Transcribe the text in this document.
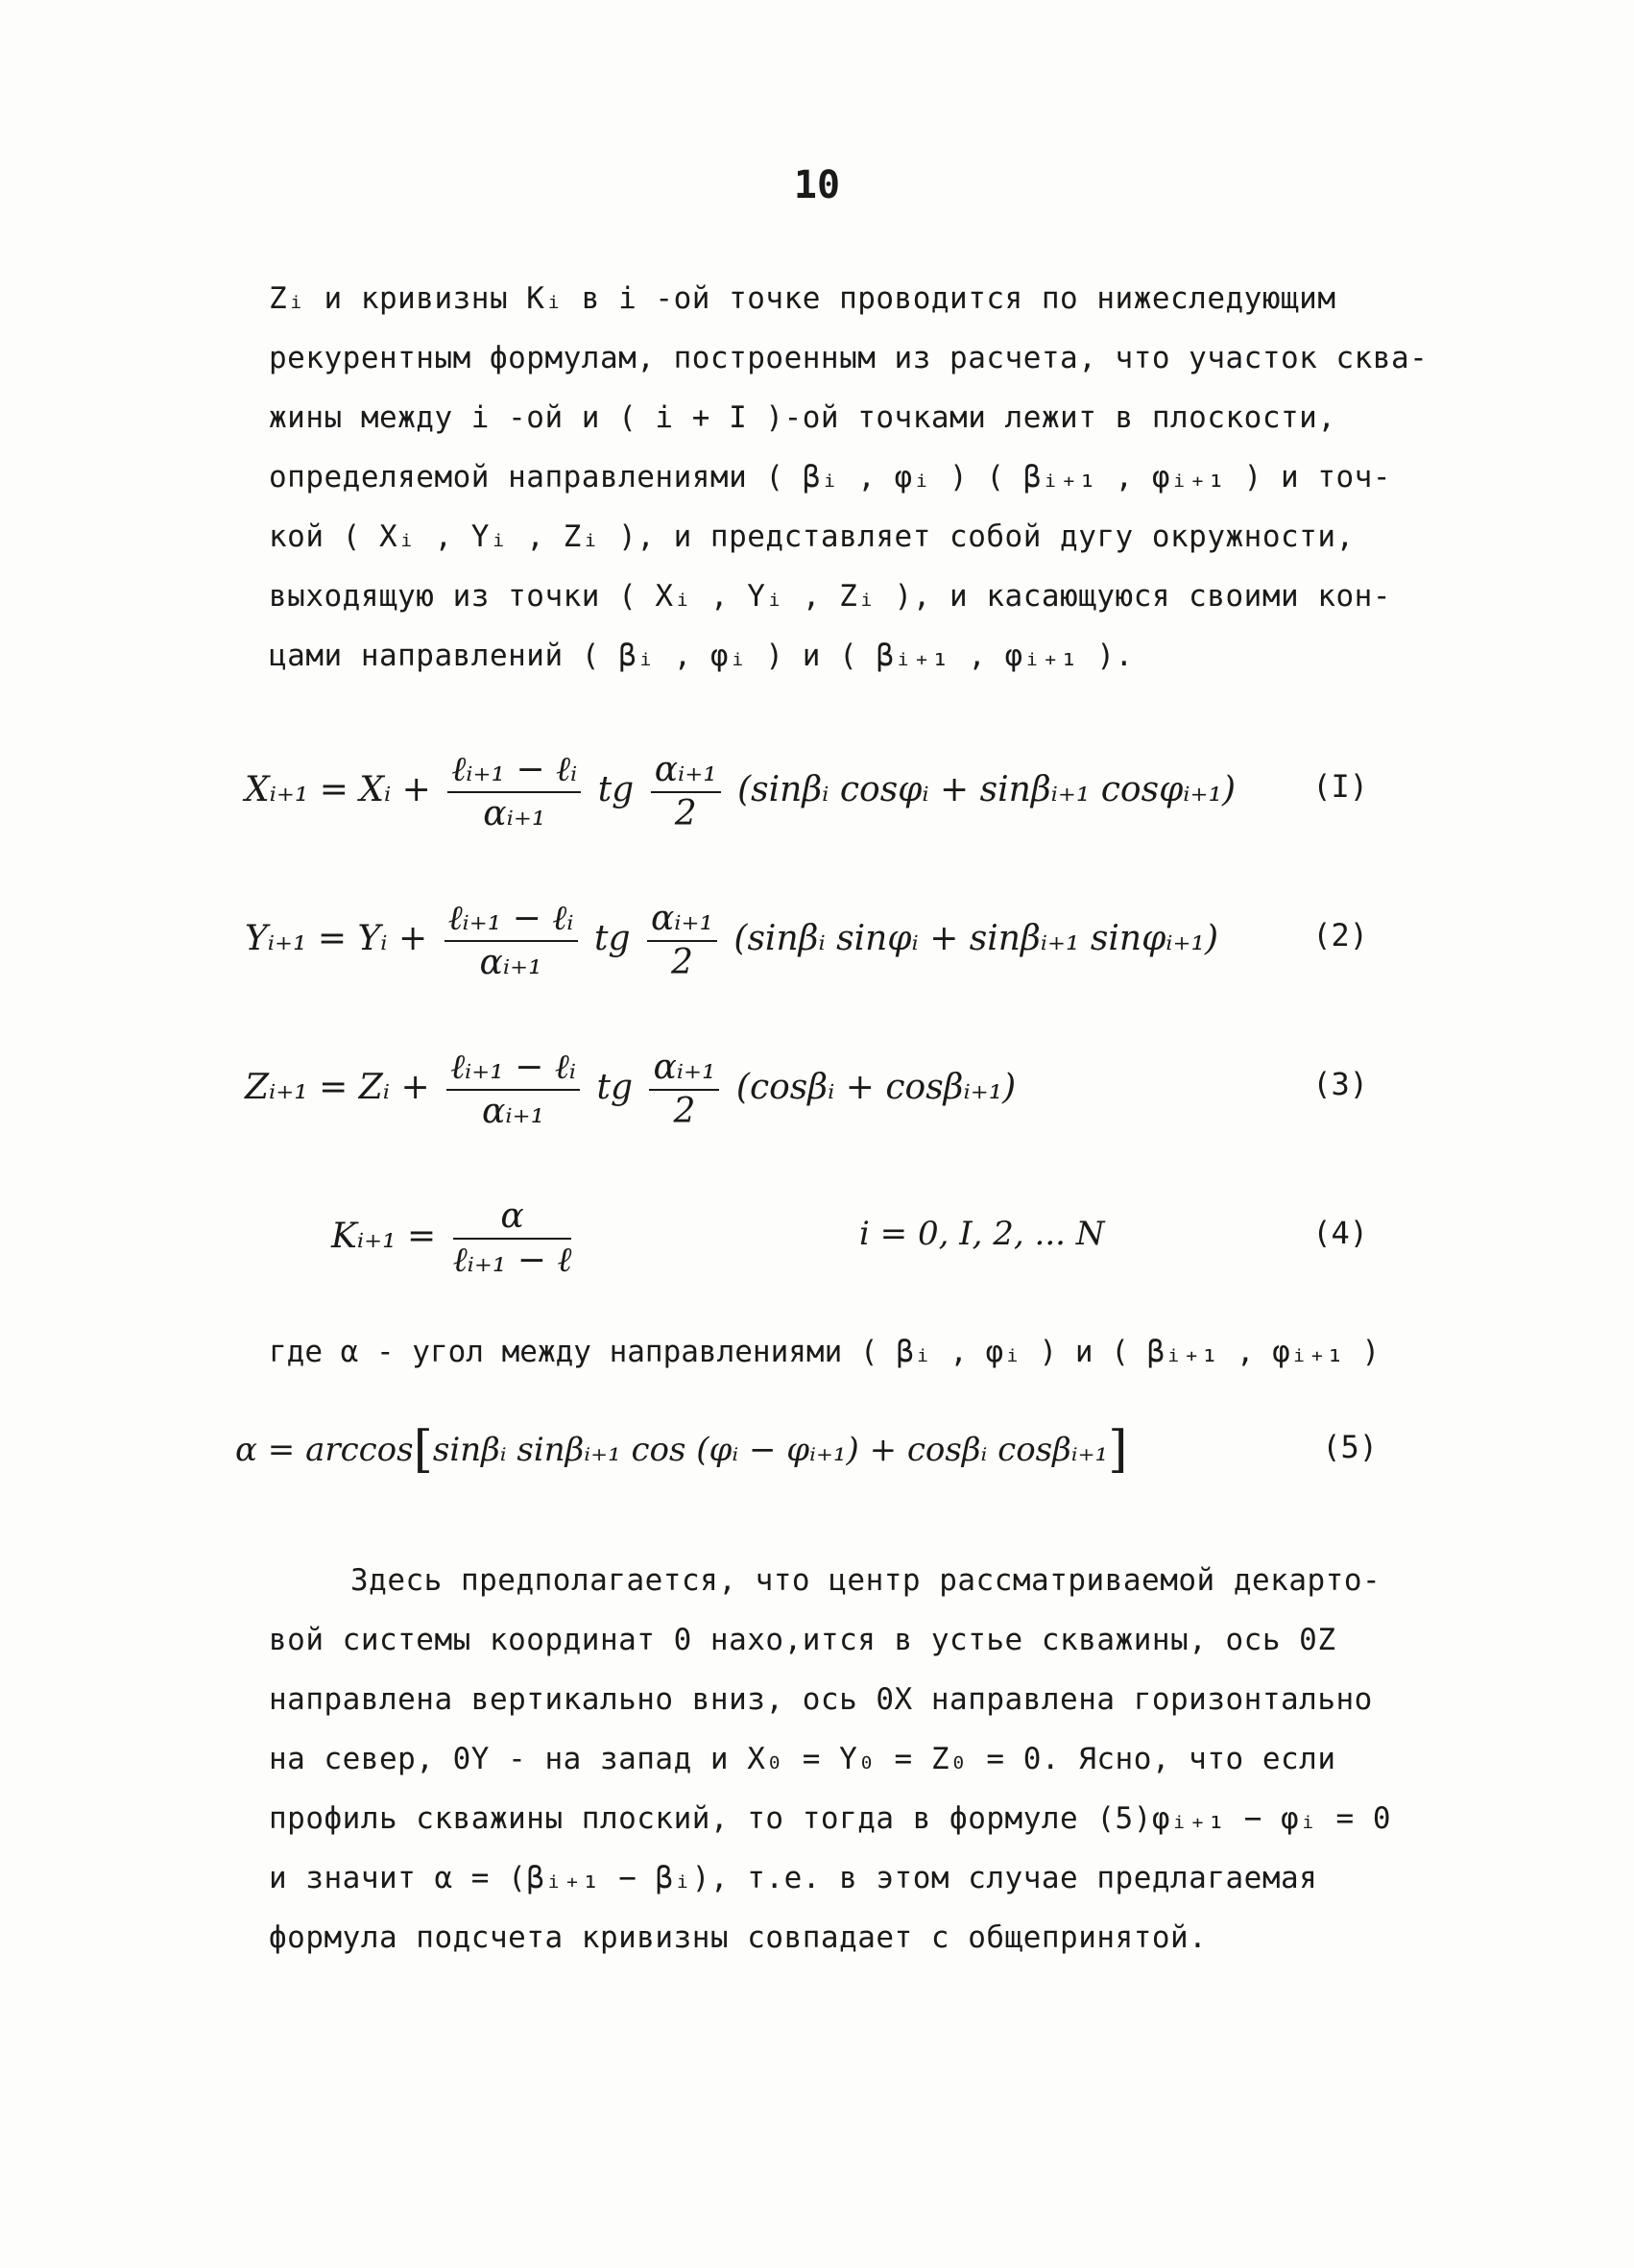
10
Zᵢ и кривизны Kᵢ в i -ой точке проводится по нижеследующим
рекурентным формулам, построенным из расчета, что участок сква-
жины между i -ой и ( i + I )-ой точками лежит в плоскости,
определяемой направлениями ( βᵢ , φᵢ ) ( βᵢ₊₁ , φᵢ₊₁ ) и точ-
кой ( Xᵢ , Yᵢ , Zᵢ ), и представляет собой дугу окружности,
выходящую из точки ( Xᵢ , Yᵢ , Zᵢ ), и касающуюся своими кон-
цами направлений ( βᵢ , φᵢ ) и ( βᵢ₊₁ , φᵢ₊₁ ).
Xᵢ₊₁ = Xᵢ + $\frac{\text{ℓᵢ₊₁ − ℓᵢ}}{\text{αᵢ₊₁}}$ tg $\frac{\text{αᵢ₊₁}}{2}$ (sinβᵢ cosφᵢ + sinβᵢ₊₁ cosφᵢ₊₁)	(I)
Yᵢ₊₁ = Yᵢ + $\frac{\text{ℓᵢ₊₁ − ℓᵢ}}{\text{αᵢ₊₁}}$ tg $\frac{\text{αᵢ₊₁}}{2}$ (sinβᵢ sinφᵢ + sinβᵢ₊₁ sinφᵢ₊₁)	(2)
Zᵢ₊₁ = Zᵢ + $\frac{\text{ℓᵢ₊₁ − ℓᵢ}}{\text{αᵢ₊₁}}$ tg $\frac{\text{αᵢ₊₁}}{2}$ (cosβᵢ + cosβᵢ₊₁)	(3)
Kᵢ₊₁ = $\frac{\alpha}{\text{ℓᵢ₊₁ − ℓ}}$	i = 0, I, 2, ... N	(4)
где α - угол между направлениями ( βᵢ , φᵢ ) и ( βᵢ₊₁ , φᵢ₊₁ )
α = arccos[sinβᵢ sinβᵢ₊₁ cos (φᵢ − φᵢ₊₁) + cosβᵢ cosβᵢ₊₁]	(5)
Здесь предполагается, что центр рассматриваемой декарто-
вой системы координат 0 нахо,ится в устье скважины, ось 0Z
направлена вертикально вниз, ось 0X направлена горизонтально
на север, 0Y - на запад и X₀ = Y₀ = Z₀ = 0. Ясно, что если
профиль скважины плоский, то тогда в формуле (5)φᵢ₊₁ − φᵢ = 0
и значит α = (βᵢ₊₁ − βᵢ), т.е. в этом случае предлагаемая
формула подсчета кривизны совпадает с общепринятой.
